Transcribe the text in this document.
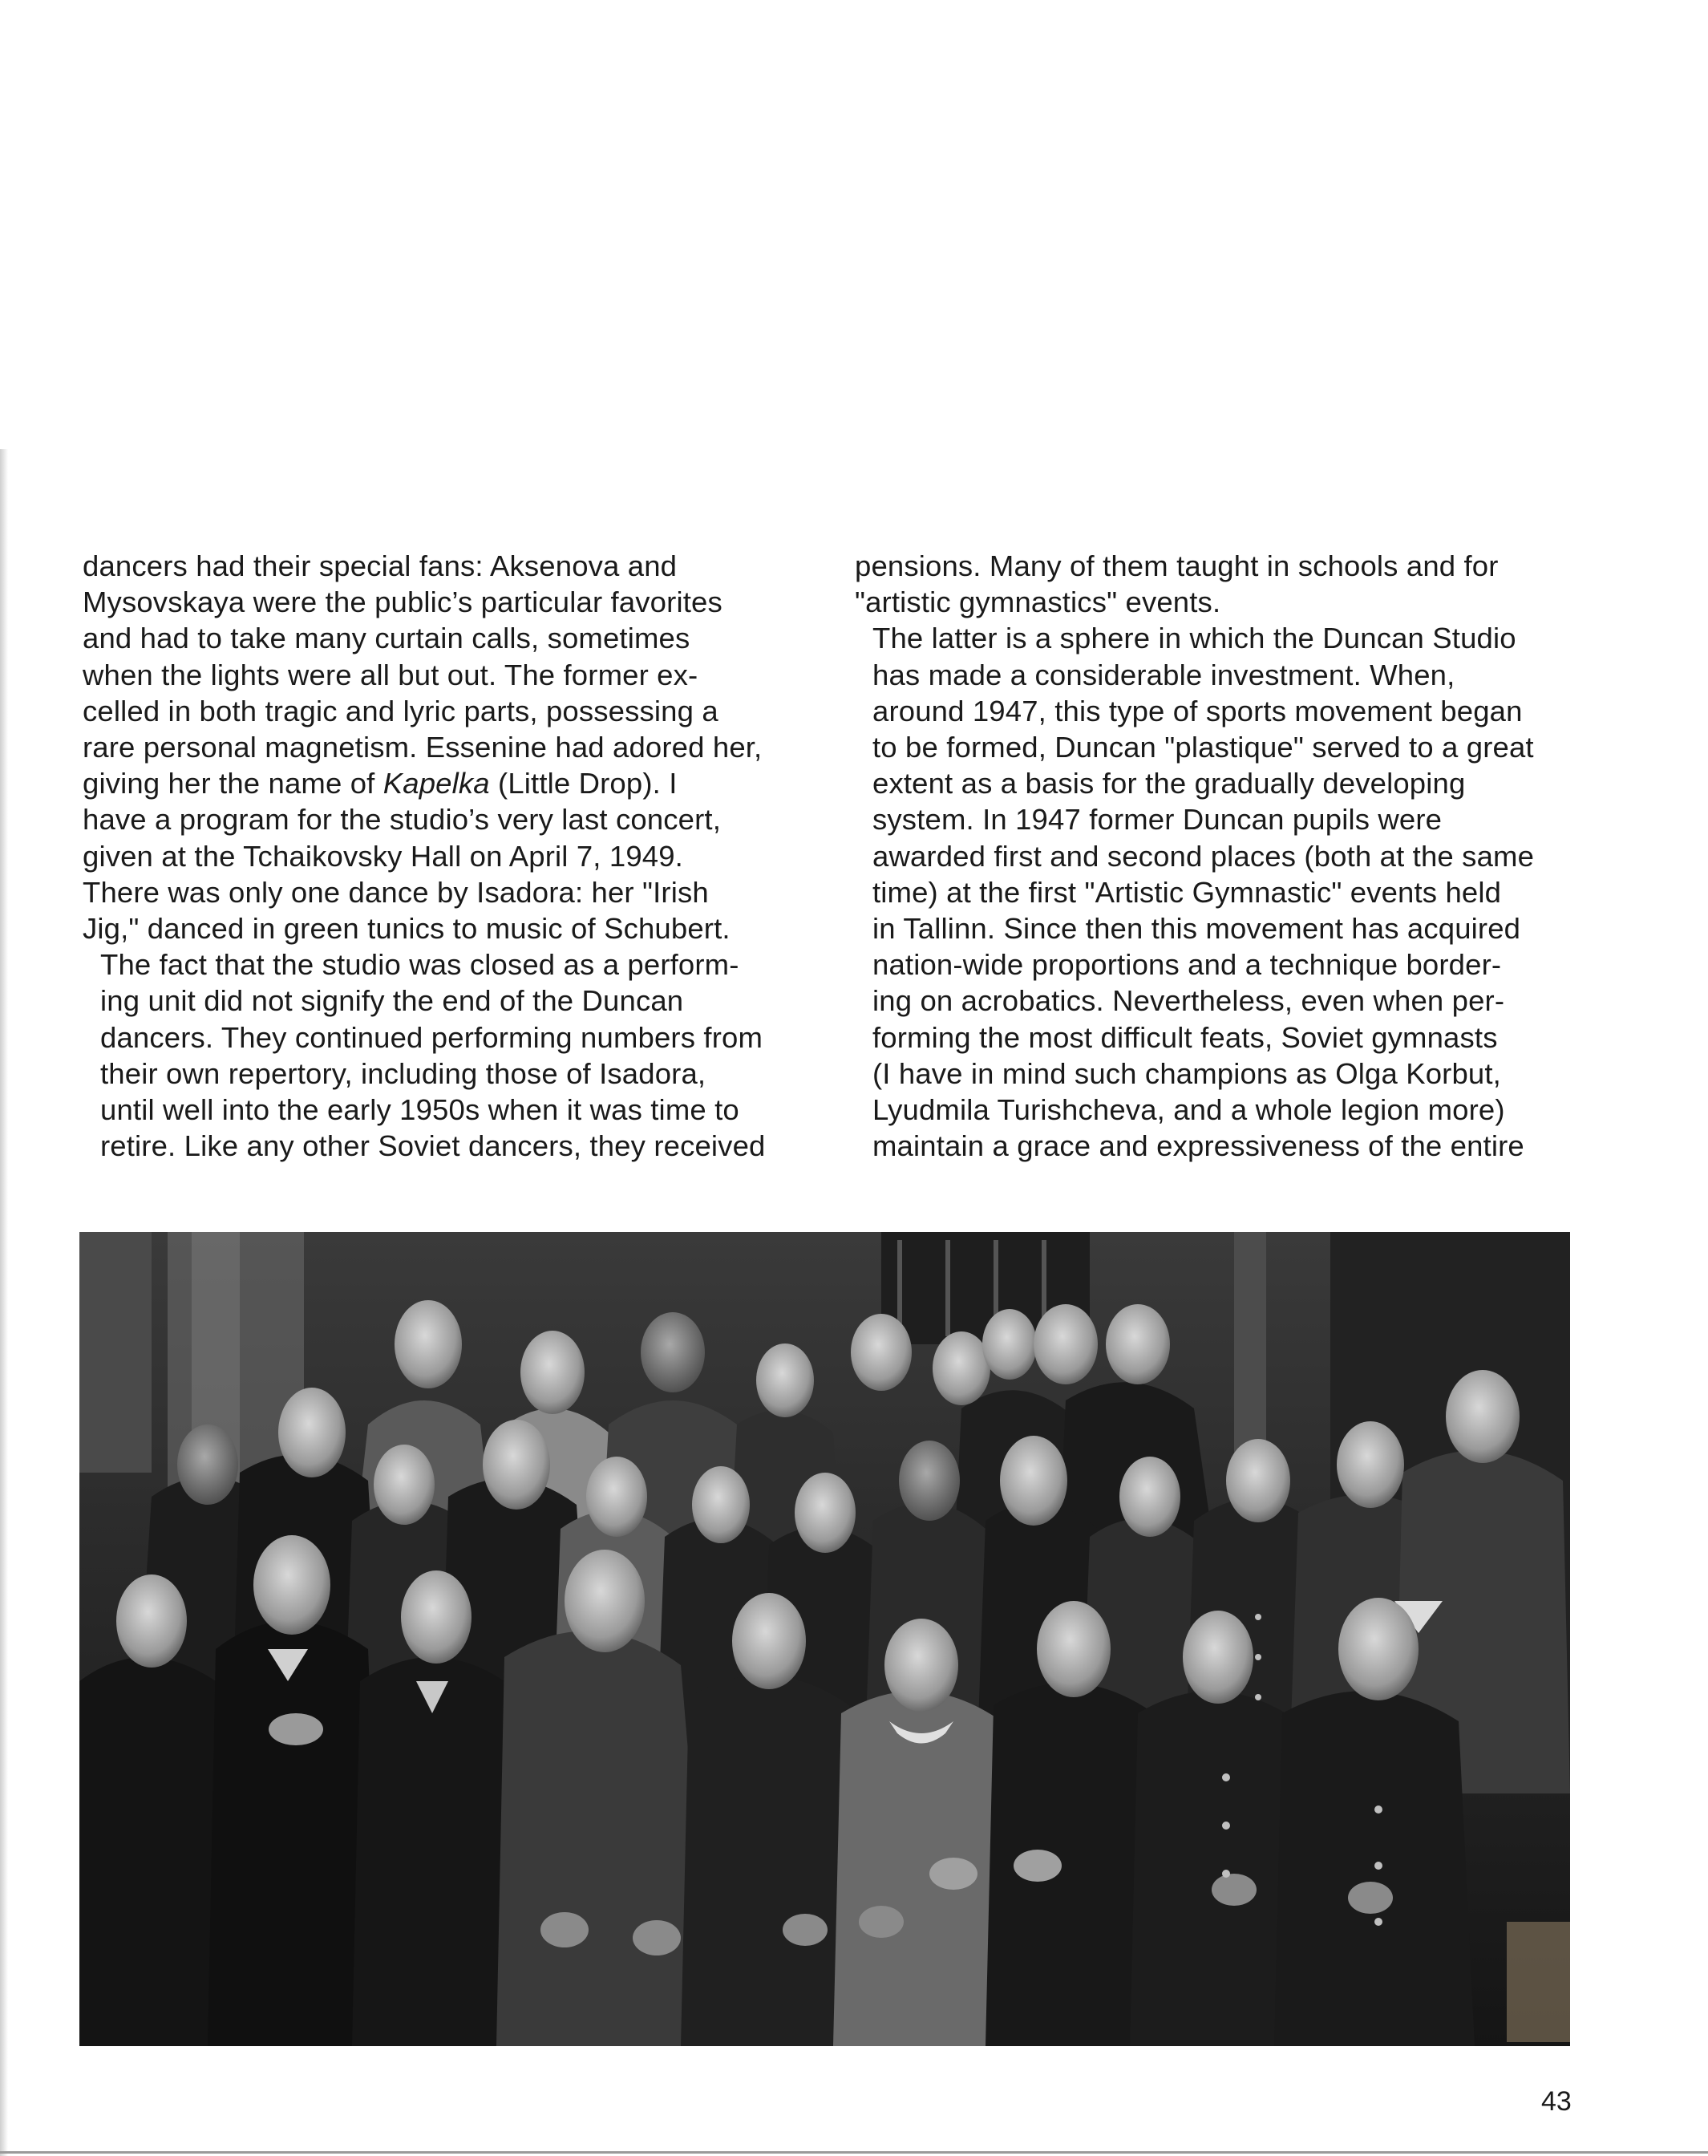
dancers had their special fans: Aksenova and
Mysovskaya were the public’s particular favorites
and had to take many curtain calls, sometimes
when the lights were all but out. The former ex-
celled in both tragic and lyric parts, possessing a
rare personal magnetism. Essenine had adored her,
giving her the name of Kapelka (Little Drop). I
have a program for the studio’s very last concert,
given at the Tchaikovsky Hall on April 7, 1949.
There was only one dance by Isadora: her "Irish
Jig," danced in green tunics to music of Schubert.

The fact that the studio was closed as a perform-
ing unit did not signify the end of the Duncan
dancers. They continued performing numbers from
their own repertory, including those of Isadora,
until well into the early 1950s when it was time to
retire. Like any other Soviet dancers, they received

pensions. Many of them taught in schools and for
"artistic gymnastics" events.

The latter is a sphere in which the Duncan Studio
has made a considerable investment. When,
around 1947, this type of sports movement began
to be formed, Duncan "plastique" served to a great
extent as a basis for the gradually developing
system. In 1947 former Duncan pupils were
awarded first and second places (both at the same
time) at the first "Artistic Gymnastic" events held
in Tallinn. Since then this movement has acquired
nation-wide proportions and a technique border-
ing on acrobatics. Nevertheless, even when per-
forming the most difficult feats, Soviet gymnasts
(I have in mind such champions as Olga Korbut,
Lyudmila Turishcheva, and a whole legion more)
maintain a grace and expressiveness of the entire

43
